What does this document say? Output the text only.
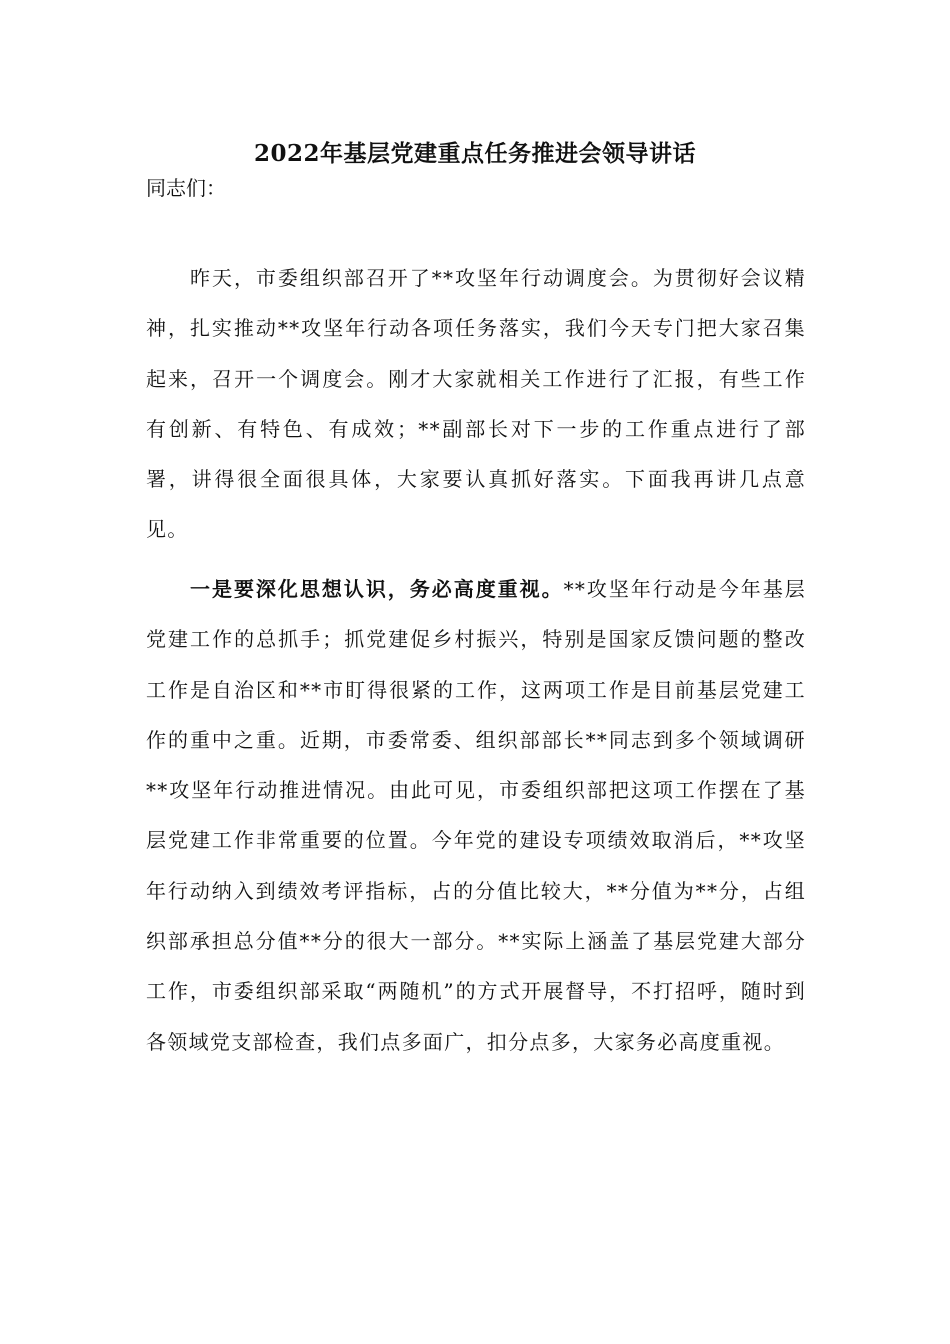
2022年基层党建重点任务推进会领导讲话

同志们：

昨天，市委组织部召开了**攻坚年行动调度会。为贯彻好会议精神，扎实推动**攻坚年行动各项任务落实，我们今天专门把大家召集起来，召开一个调度会。刚才大家就相关工作进行了汇报，有些工作有创新、有特色、有成效；**副部长对下一步的工作重点进行了部署，讲得很全面很具体，大家要认真抓好落实。下面我再讲几点意见。

一是要深化思想认识，务必高度重视。**攻坚年行动是今年基层党建工作的总抓手；抓党建促乡村振兴，特别是国家反馈问题的整改工作是自治区和**市盯得很紧的工作，这两项工作是目前基层党建工作的重中之重。近期，市委常委、组织部部长**同志到多个领域调研**攻坚年行动推进情况。由此可见，市委组织部把这项工作摆在了基层党建工作非常重要的位置。今年党的建设专项绩效取消后，**攻坚年行动纳入到绩效考评指标，占的分值比较大，**分值为**分，占组织部承担总分值**分的很大一部分。**实际上涵盖了基层党建大部分工作，市委组织部采取“两随机”的方式开展督导，不打招呼，随时到各领域党支部检查，我们点多面广，扣分点多，大家务必高度重视。
